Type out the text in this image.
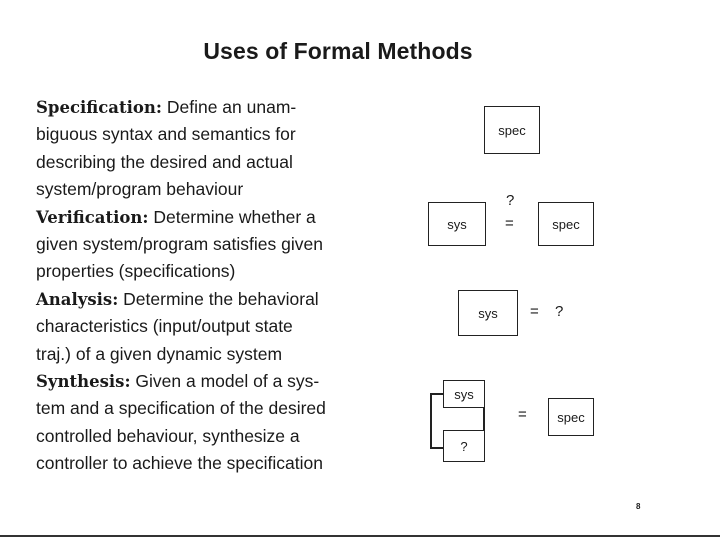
Uses of Formal Methods
Specification: Define an unam-
biguous syntax and semantics for
describing the desired and actual
system/program behaviour
Verification: Determine whether a
given system/program satisfies given
properties (specifications)
Analysis: Determine the behavioral
characteristics (input/output state
traj.) of a given dynamic system
Synthesis: Given a model of a sys-
tem and a specification of the desired
controlled behaviour, synthesize a
controller to achieve the specification
spec
sys
?
=	spec
sys = ?
sys
?
= spec
8
